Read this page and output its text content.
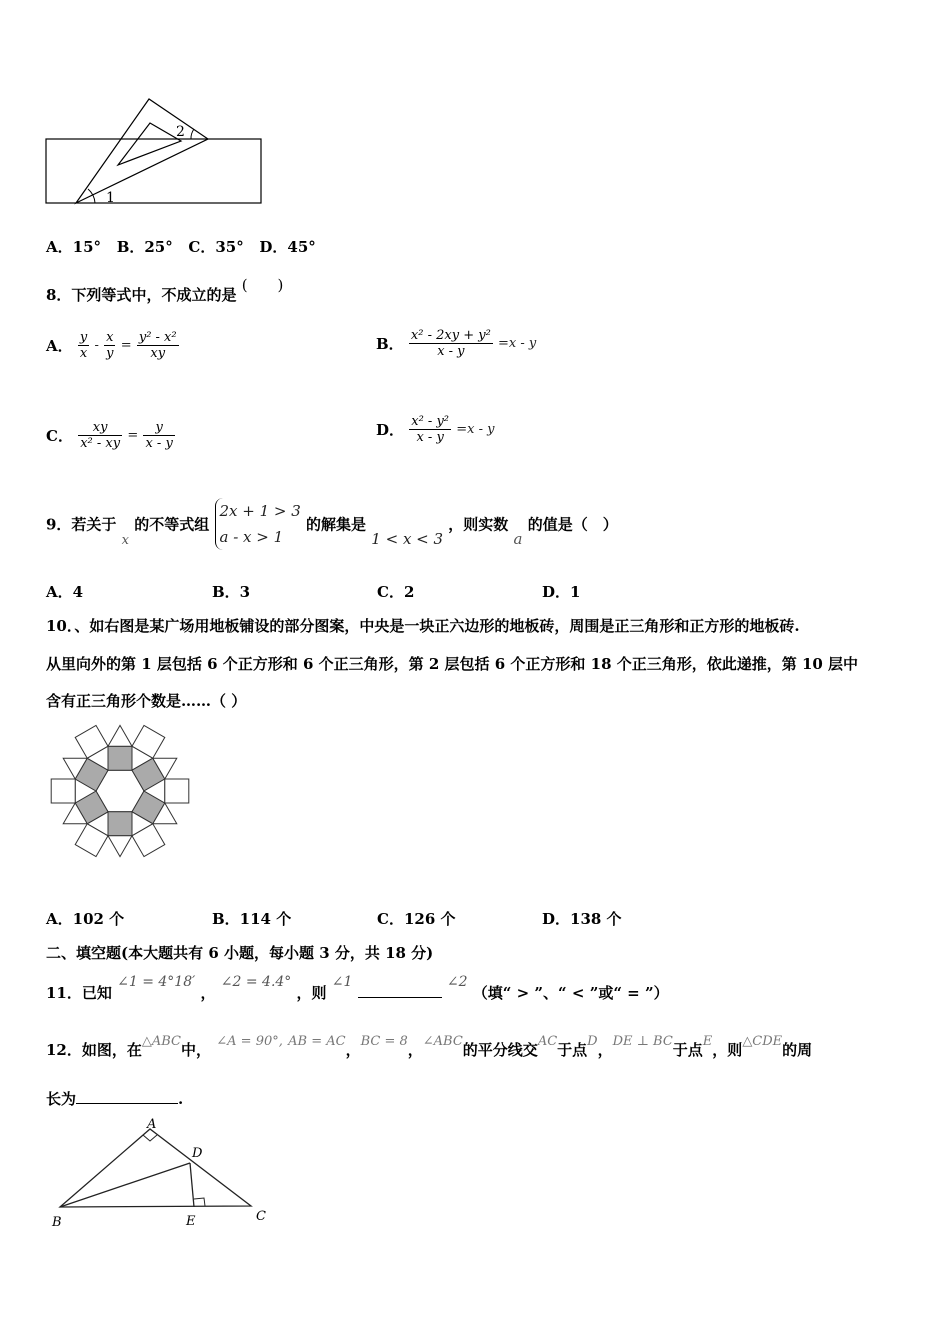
1
2
A．15° B．25° C．35° D．45°
8．下列等式中，不成立的是 (　　)
A． $\frac{y}{x} - \frac{x}{y} = \frac{\text{y² - x²}}{xy}$	B． $\frac{\text{x² - 2xy + y²}}{x - y} =x - y$
C． $\frac{xy}{\text{x² - xy}} = \frac{y}{x - y}$	D． $\frac{\text{x² - y²}}{x - y} =x - y$
9．若关于 x 的不等式组
2x + 1 > 3
a - x > 1
的解集是 1 < x < 3 ，则实数 a 的值是（　）
A．4	B．3	C．2	D．1
10．、如右图是某广场用地板铺设的部分图案，中央是一块正六边形的地板砖，周围是正三角形和正方形的地板砖.
从里向外的第 1 层包括 6 个正方形和 6 个正三角形，第 2 层包括 6 个正方形和 18 个正三角形，依此递推，第 10 层中
含有正三角形个数是……（ ）
A．102 个	B．114 个	C．126 个	D．138 个
二、填空题(本大题共有 6 小题，每小题 3 分，共 18 分)
11．已知 ∠1 = 4°18′ ， ∠2 = 4.4° ，则 ∠1	∠2 （填“ > ”、“ < ”或“ = ”）
12．如图，在△ABC中， ∠A = 90°, AB = AC，BC = 8，∠ABC的平分线交AC于点D，DE ⊥ BC于点E，则△CDE的周
长为	.
A
B	C
D
E
